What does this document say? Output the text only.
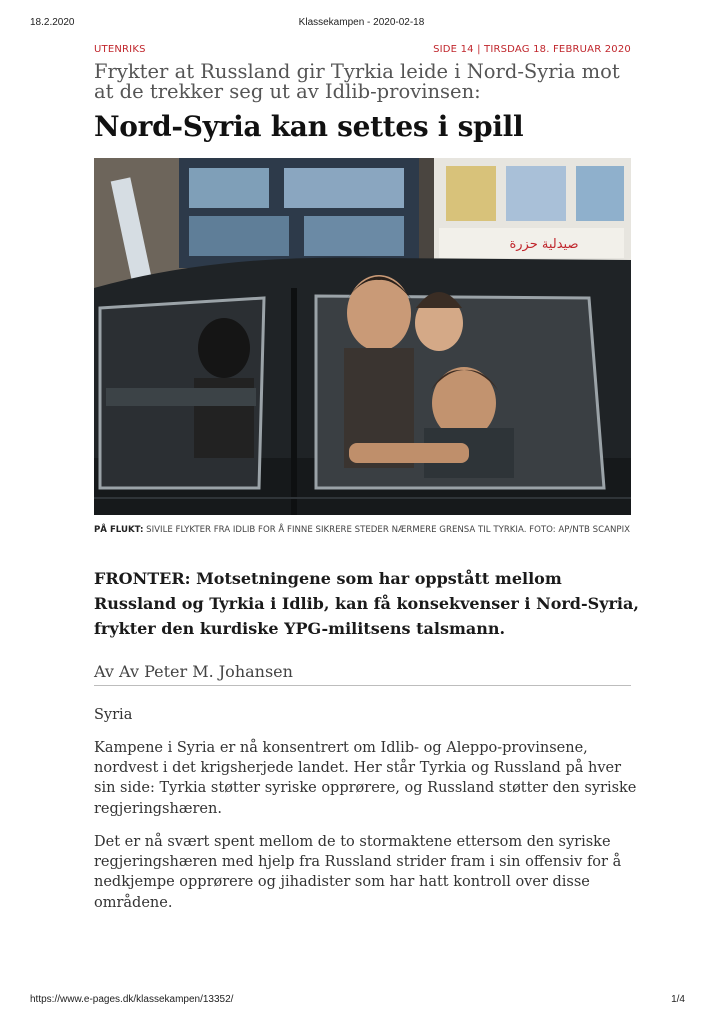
18.2.2020	Klassekampen - 2020-02-18
UTENRIKS	SIDE 14 | TIRSDAG 18. FEBRUAR 2020
Frykter at Russland gir Tyrkia leide i Nord-Syria mot at de trekker seg ut av Idlib-provinsen:
Nord-Syria kan settes i spill
صيدلية حزرة
PÅ FLUKT: SIVILE FLYKTER FRA IDLIB FOR Å FINNE SIKRERE STEDER NÆRMERE GRENSA TIL TYRKIA. FOTO: AP/NTB SCANPIX
FRONTER: Motsetningene som har oppstått mellom Russland og Tyrkia i Idlib, kan få konsekvenser i Nord-Syria, frykter den kurdiske YPG-militsens talsmann.
Av Av Peter M. Johansen
Syria

Kampene i Syria er nå konsentrert om Idlib- og Aleppo-provinsene, nordvest i det krigsherjede landet. Her står Tyrkia og Russland på hver sin side: Tyrkia støtter syriske opprørere, og Russland støtter den syriske regjeringshæren.

Det er nå svært spent mellom de to stormaktene ettersom den syriske regjeringshæren med hjelp fra Russland strider fram i sin offensiv for å nedkjempe opprørere og jihadister som har hatt kontroll over disse områdene.

https://www.e-pages.dk/klassekampen/13352/	1/4
